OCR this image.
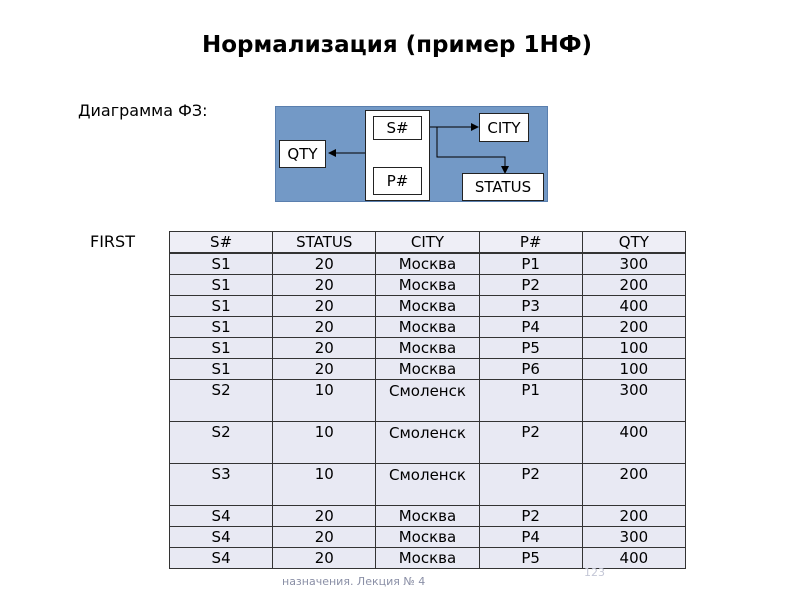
Нормализация (пример 1НФ)
Диаграмма ФЗ:
S#
P#
CITY
QTY
STATUS
FIRST	S#	STATUS	CITY	P#	QTY
S1	20	Москва	P1	300
S1	20	Москва	P2	200
S1	20	Москва	P3	400
S1	20	Москва	P4	200
S1	20	Москва	P5	100
S1	20	Москва	P6	100
S2	10	Смоленск	P1	300
S2	10	Смоленск	P2	400
S3	10	Смоленск	P2	200
S4	20	Москва	P2	200
S4	20	Москва	P4	300
S4	20	Москва	P5	400
назначения. Лекция № 4
123
